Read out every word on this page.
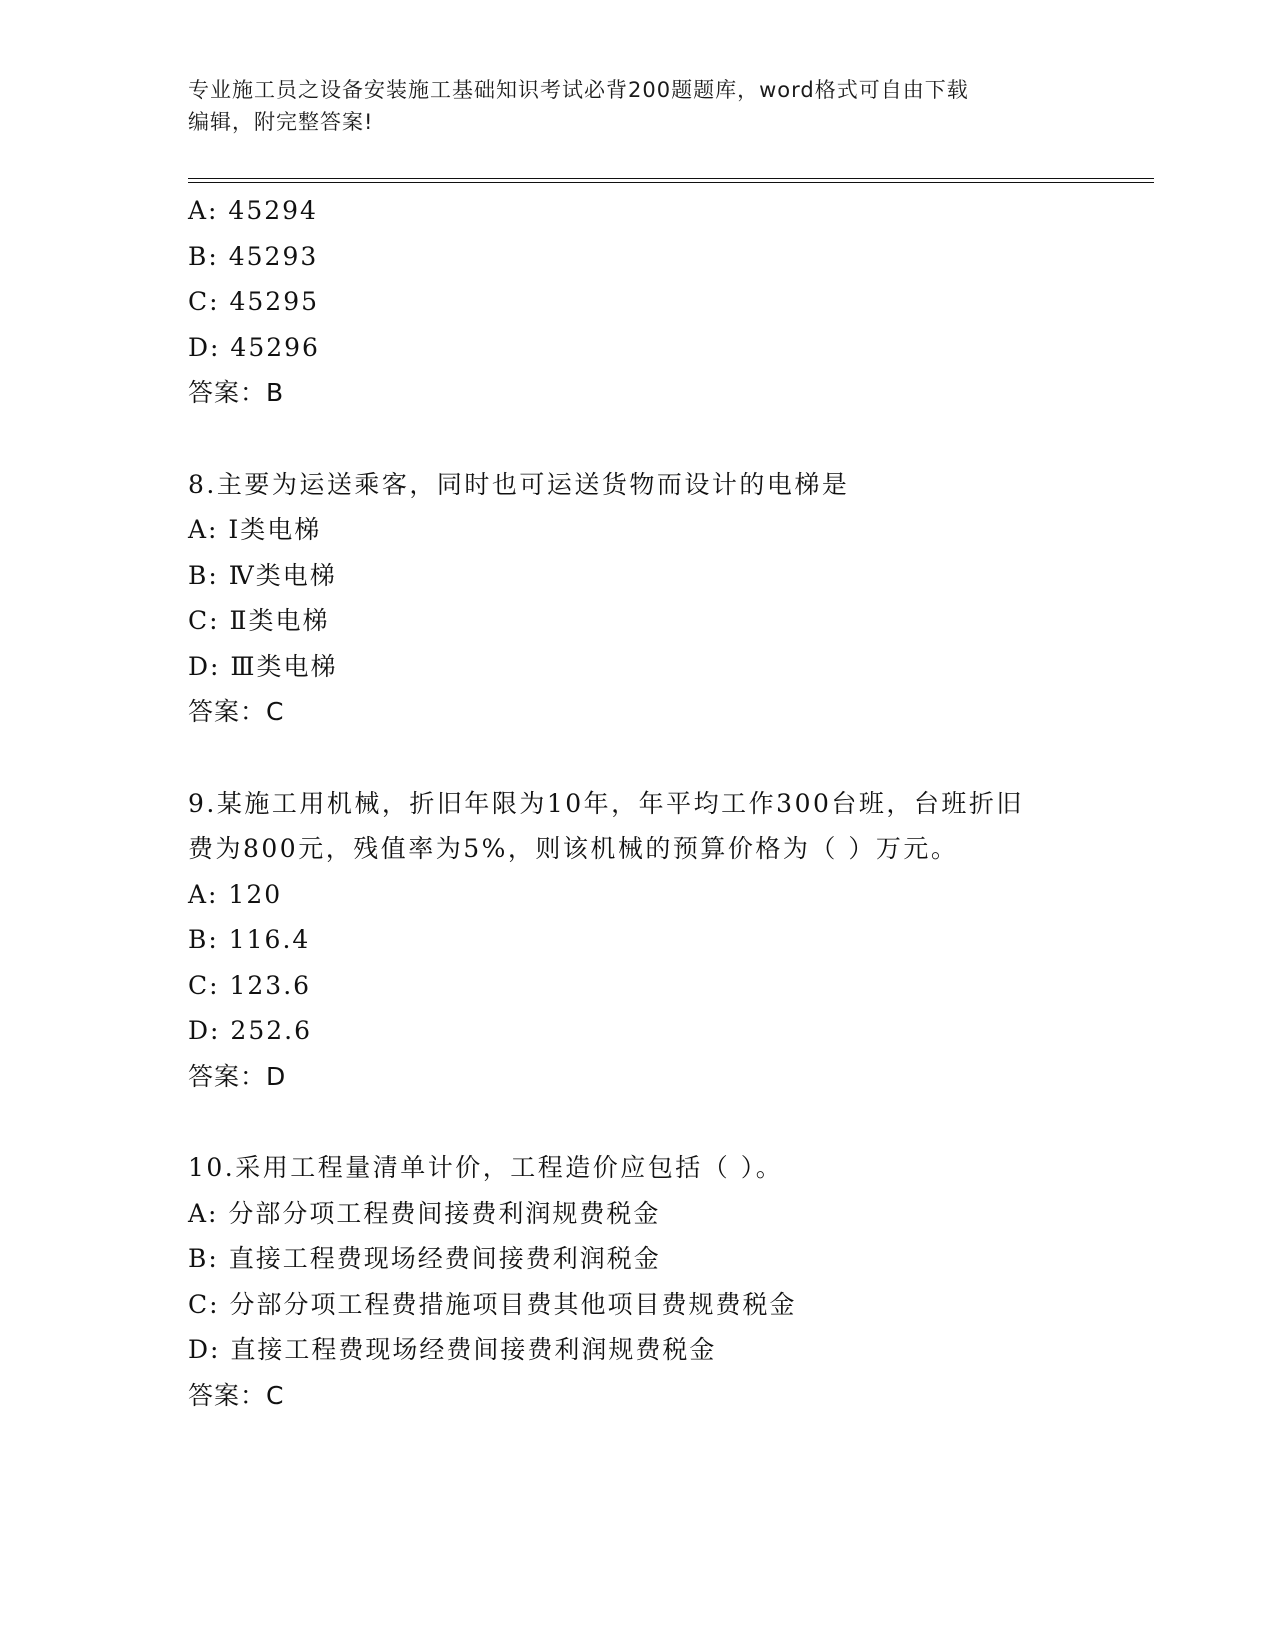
专业施工员之设备安装施工基础知识考试必背200题题库，word格式可自由下载
编辑，附完整答案!
A: 45294
B: 45293
C: 45295
D: 45296
答案：B
8.主要为运送乘客，同时也可运送货物而设计的电梯是
A: Ⅰ类电梯
B: Ⅳ类电梯
C: Ⅱ类电梯
D: Ⅲ类电梯
答案：C
9.某施工用机械，折旧年限为10年，年平均工作300台班，台班折旧
费为800元，残值率为5%，则该机械的预算价格为（ ）万元。
A: 120
B: 116.4
C: 123.6
D: 252.6
答案：D
10.采用工程量清单计价，工程造价应包括（ ）。
A: 分部分项工程费间接费利润规费税金
B: 直接工程费现场经费间接费利润税金
C: 分部分项工程费措施项目费其他项目费规费税金
D: 直接工程费现场经费间接费利润规费税金
答案：C
